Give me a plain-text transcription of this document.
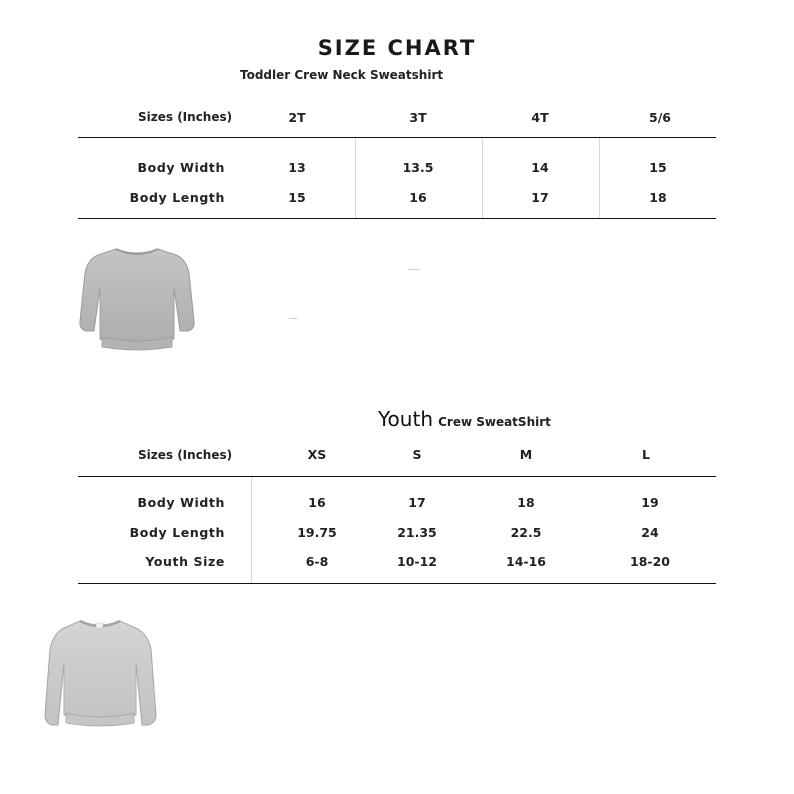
SIZE CHART
Toddler Crew Neck Sweatshirt
Sizes (Inches)	2T	3T	4T	5/6
Body Width	13	13.5	14	15
Body Length	15	16	17	18
Youth Crew SweatShirt
Sizes (Inches)	XS	S	M	L
Body Width	16	17	18	19
Body Length	19.75	21.35	22.5	24
Youth Size	6-8	10-12	14-16	18-20
